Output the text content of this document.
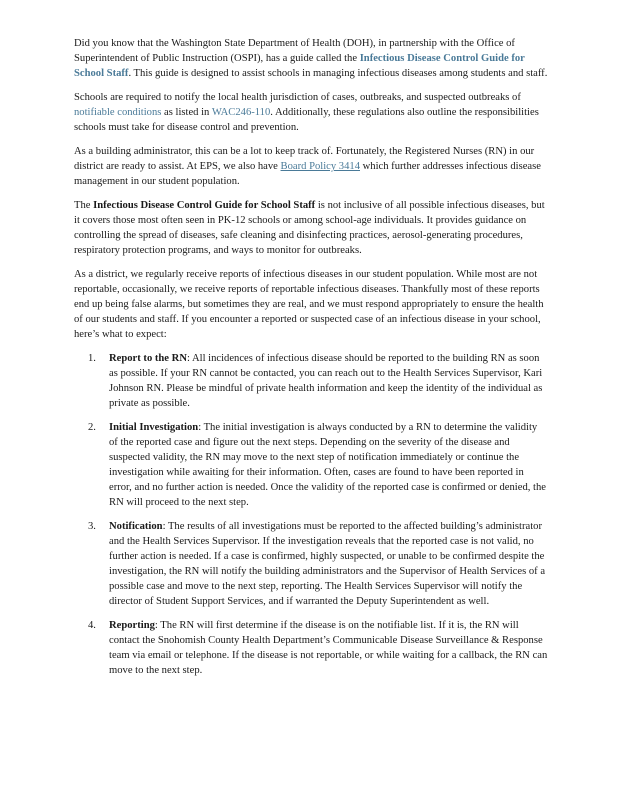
Did you know that the Washington State Department of Health (DOH), in partnership with the Office of Superintendent of Public Instruction (OSPI), has a guide called the Infectious Disease Control Guide for School Staff. This guide is designed to assist schools in managing infectious diseases among students and staff.

Schools are required to notify the local health jurisdiction of cases, outbreaks, and suspected outbreaks of notifiable conditions as listed in WAC246-110. Additionally, these regulations also outline the responsibilities schools must take for disease control and prevention.

As a building administrator, this can be a lot to keep track of. Fortunately, the Registered Nurses (RN) in our district are ready to assist. At EPS, we also have Board Policy 3414 which further addresses infectious disease management in our student population.

The Infectious Disease Control Guide for School Staff is not inclusive of all possible infectious diseases, but it covers those most often seen in PK-12 schools or among school-age individuals. It provides guidance on controlling the spread of diseases, safe cleaning and disinfecting practices, aerosol-generating procedures, respiratory protection programs, and ways to monitor for outbreaks.

As a district, we regularly receive reports of infectious diseases in our student population. While most are not reportable, occasionally, we receive reports of reportable infectious diseases. Thankfully most of these reports end up being false alarms, but sometimes they are real, and we must respond appropriately to ensure the health of our students and staff. If you encounter a reported or suspected case of an infectious disease in your school, here’s what to expect:

1. Report to the RN: All incidences of infectious disease should be reported to the building RN as soon as possible. If your RN cannot be contacted, you can reach out to the Health Services Supervisor, Kari Johnson RN. Please be mindful of private health information and keep the identity of the individual as private as possible.
2. Initial Investigation: The initial investigation is always conducted by a RN to determine the validity of the reported case and figure out the next steps. Depending on the severity of the disease and suspected validity, the RN may move to the next step of notification immediately or continue the investigation while awaiting for their information. Often, cases are found to have been reported in error, and no further action is needed. Once the validity of the reported case is confirmed or denied, the RN will proceed to the next step.
3. Notification: The results of all investigations must be reported to the affected building’s administrator and the Health Services Supervisor. If the investigation reveals that the reported case is not valid, no further action is needed. If a case is confirmed, highly suspected, or unable to be confirmed despite the investigation, the RN will notify the building administrators and the Supervisor of Health Services of a possible case and move to the next step, reporting. The Health Services Supervisor will notify the director of Student Support Services, and if warranted the Deputy Superintendent as well.
4. Reporting: The RN will first determine if the disease is on the notifiable list. If it is, the RN will contact the Snohomish County Health Department’s Communicable Disease Surveillance & Response team via email or telephone. If the disease is not reportable, or while waiting for a callback, the RN can move to the next step.
